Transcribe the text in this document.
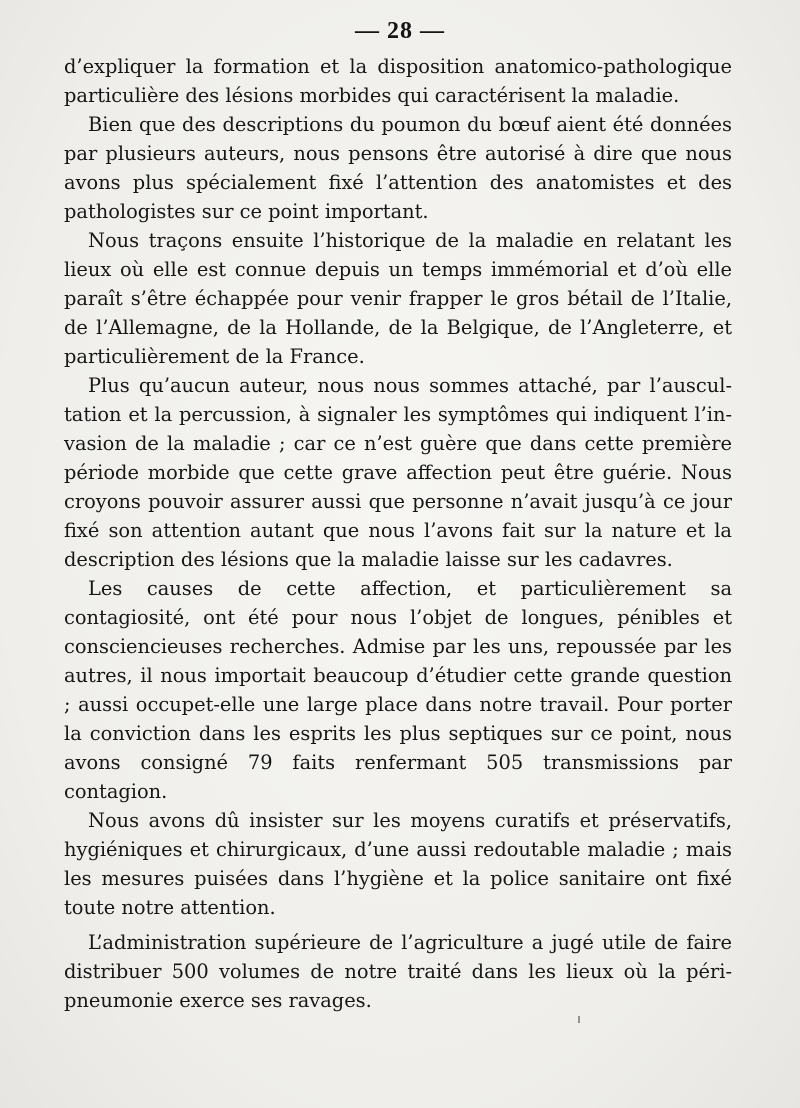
— 28 —

d’expliquer la formation et la disposition anatomico-pathologique particulière des lésions morbides qui caractérisent la maladie.

Bien que des descriptions du poumon du bœuf aient été données par plusieurs auteurs, nous pensons être autorisé à dire que nous avons plus spécialement fixé l’attention des anatomistes et des pathologistes sur ce point important.

Nous traçons ensuite l’historique de la maladie en relatant les lieux où elle est connue depuis un temps immémorial et d’où elle paraît s’être échappée pour venir frapper le gros bétail de l’Italie, de l’Allemagne, de la Hollande, de la Belgique, de l’Angleterre, et particulièrement de la France.

Plus qu’aucun auteur, nous nous sommes attaché, par l’auscultation et la percussion, à signaler les symptômes qui indiquent l’invasion de la maladie ; car ce n’est guère que dans cette première période morbide que cette grave affection peut être guérie. Nous croyons pouvoir assurer aussi que personne n’avait jusqu’à ce jour fixé son attention autant que nous l’avons fait sur la nature et la description des lésions que la maladie laisse sur les cadavres.

Les causes de cette affection, et particulièrement sa contagiosité, ont été pour nous l’objet de longues, pénibles et consciencieuses recherches. Admise par les uns, repoussée par les autres, il nous importait beaucoup d’étudier cette grande question ; aussi occupet-elle une large place dans notre travail. Pour porter la conviction dans les esprits les plus septiques sur ce point, nous avons consigné 79 faits renfermant 505 transmissions par contagion.

Nous avons dû insister sur les moyens curatifs et préservatifs, hygiéniques et chirurgicaux, d’une aussi redoutable maladie ; mais les mesures puisées dans l’hygiène et la police sanitaire ont fixé toute notre attention.

L’administration supérieure de l’agriculture a jugé utile de faire distribuer 500 volumes de notre traité dans les lieux où la péripneumonie exerce ses ravages.
